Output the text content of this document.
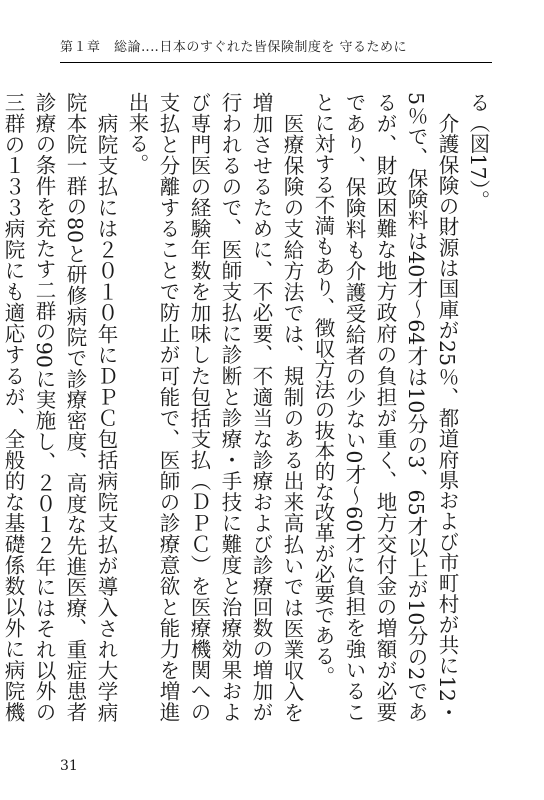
第１章　総論‥‥日本のすぐれた皆保険制度を 守るために

る（図17）。

介護保険の財源は国庫が25％、都道府県および市町村が共に12・5％で、保険料は40才～64才は10分の3、65才以上が10分の2であるが、財政困難な地方政府の負担が重く、地方交付金の増額が必要であり、保険料も介護受給者の少ない0才～60才に負担を強いることに対する不満もあり、徴収方法の抜本的な改革が必要である。

医療保険の支給方法では、規制のある出来高払いでは医業収入を増加させるために、不必要、不適当な診療および診療回数の増加が行われるので、医師支払に診断と診療・手技に難度と治療効果および専門医の経験年数を加味した包括支払（ＤＰＣ）を医療機関への支払と分離することで防止が可能で、医師の診療意欲と能力を増進出来る。

病院支払には２０１０年にＤＰＣ包括病院支払が導入され大学病院本院一群の80と研修病院で診療密度、高度な先進医療、重症患者診療の条件を充たす二群の90に実施し、２０１２年にはそれ以外の三群の１３３病院にも適応するが、全般的な基礎係数以外に病院機

31
